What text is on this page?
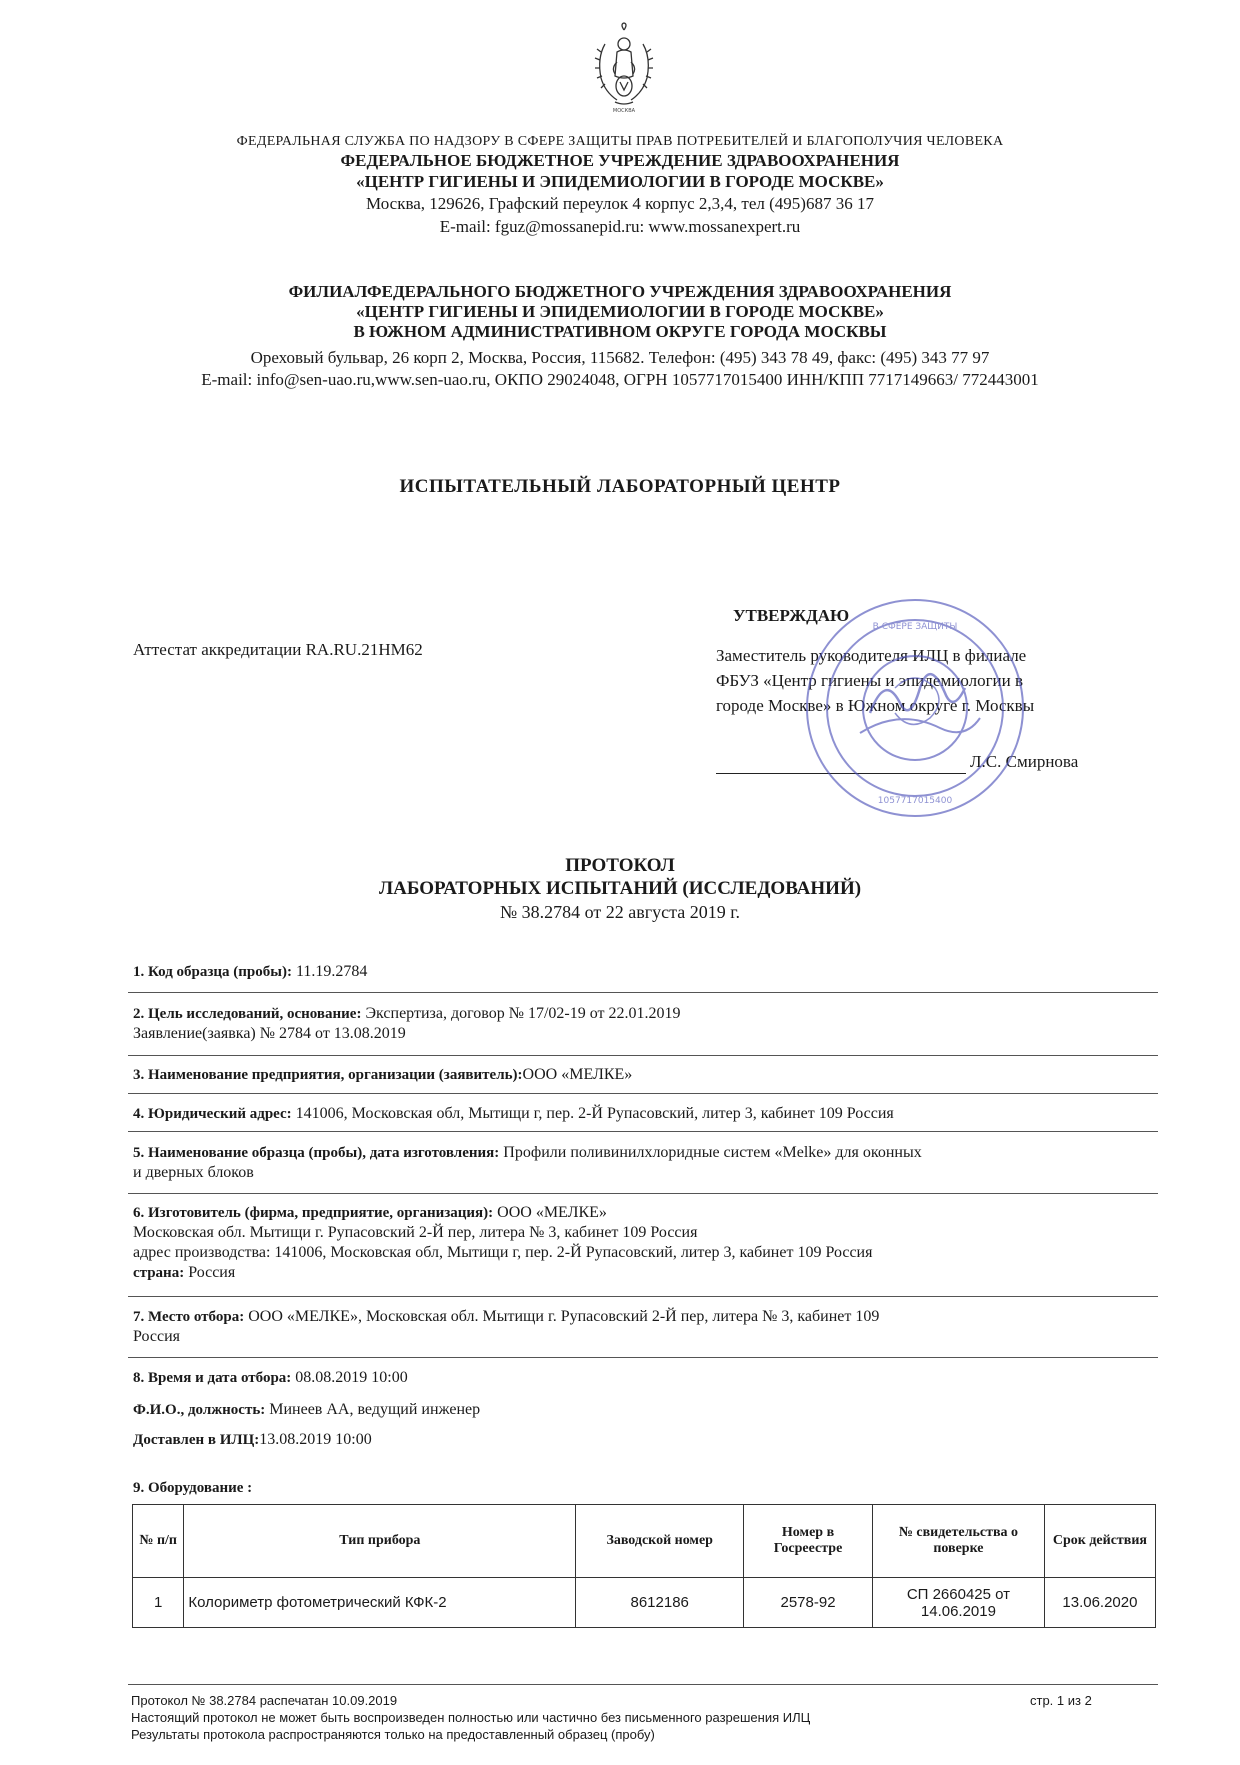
МОСКВА
ФЕДЕРАЛЬНАЯ СЛУЖБА ПО НАДЗОРУ В СФЕРЕ ЗАЩИТЫ ПРАВ ПОТРЕБИТЕЛЕЙ И БЛАГОПОЛУЧИЯ ЧЕЛОВЕКА
ФЕДЕРАЛЬНОЕ БЮДЖЕТНОЕ УЧРЕЖДЕНИЕ ЗДРАВООХРАНЕНИЯ
«ЦЕНТР ГИГИЕНЫ И ЭПИДЕМИОЛОГИИ В ГОРОДЕ МОСКВЕ»
Москва, 129626, Графский переулок 4 корпус 2,3,4, тел (495)687 36 17
E-mail: fguz@mossanepid.ru: www.mossanexpert.ru
ФИЛИАЛФЕДЕРАЛЬНОГО БЮДЖЕТНОГО УЧРЕЖДЕНИЯ ЗДРАВООХРАНЕНИЯ
«ЦЕНТР ГИГИЕНЫ И ЭПИДЕМИОЛОГИИ В ГОРОДЕ МОСКВЕ»
В ЮЖНОМ АДМИНИСТРАТИВНОМ ОКРУГЕ ГОРОДА МОСКВЫ
Ореховый бульвар, 26 корп 2, Москва, Россия, 115682. Телефон: (495) 343 78 49, факс: (495) 343 77 97
E-mail: info@sen-uao.ru,www.sen-uao.ru, ОКПО 29024048, ОГРН 1057717015400 ИНН/КПП 7717149663/ 772443001
ИСПЫТАТЕЛЬНЫЙ ЛАБОРАТОРНЫЙ ЦЕНТР
Аттестат аккредитации RA.RU.21НМ62
УТВЕРЖДАЮ
Заместитель руководителя ИЛЦ в филиале
ФБУЗ «Центр гигиены и эпидемиологии в
городе Москве» в Южном округе г. Москвы
Л.С. Смирнова
В СФЕРЕ ЗАЩИТЫ
1057717015400
ПРОТОКОЛ
ЛАБОРАТОРНЫХ ИСПЫТАНИЙ (ИССЛЕДОВАНИЙ)
№ 38.2784 от 22 августа 2019 г.
1. Код образца (пробы): 11.19.2784
2. Цель исследований, основание: Экспертиза, договор № 17/02-19 от 22.01.2019
Заявление(заявка) № 2784 от 13.08.2019
3. Наименование предприятия, организации (заявитель):ООО «МЕЛКЕ»
4. Юридический адрес: 141006, Московская обл, Мытищи г, пер. 2-Й Рупасовский, литер 3, кабинет 109 Россия
5. Наименование образца (пробы), дата изготовления: Профили поливинилхлоридные систем «Melke» для оконных
и дверных блоков
6. Изготовитель (фирма, предприятие, организация): ООО «МЕЛКЕ»
Московская обл. Мытищи г. Рупасовский 2-Й пер, литера № 3, кабинет 109 Россия
адрес производства: 141006, Московская обл, Мытищи г, пер. 2-Й Рупасовский, литер 3, кабинет 109 Россия
страна: Россия
7. Место отбора: ООО «МЕЛКЕ», Московская обл. Мытищи г. Рупасовский 2-Й пер, литера № 3, кабинет 109
Россия
8. Время и дата отбора: 08.08.2019 10:00
Ф.И.О., должность: Минеев АА, ведущий инженер
Доставлен в ИЛЦ:13.08.2019 10:00
9. Оборудование :
№ п/п	Тип прибора	Заводской номер	Номер в Госреестре	№ свидетельства о поверке	Срок действия
1	Колориметр фотометрический КФК-2	8612186	2578-92	СП 2660425 от 14.06.2019	13.06.2020
Протокол № 38.2784 распечатан 10.09.2019
Настоящий протокол не может быть воспроизведен полностью или частично без письменного разрешения ИЛЦ
Результаты протокола распространяются только на предоставленный образец (пробу)
стр. 1 из 2
